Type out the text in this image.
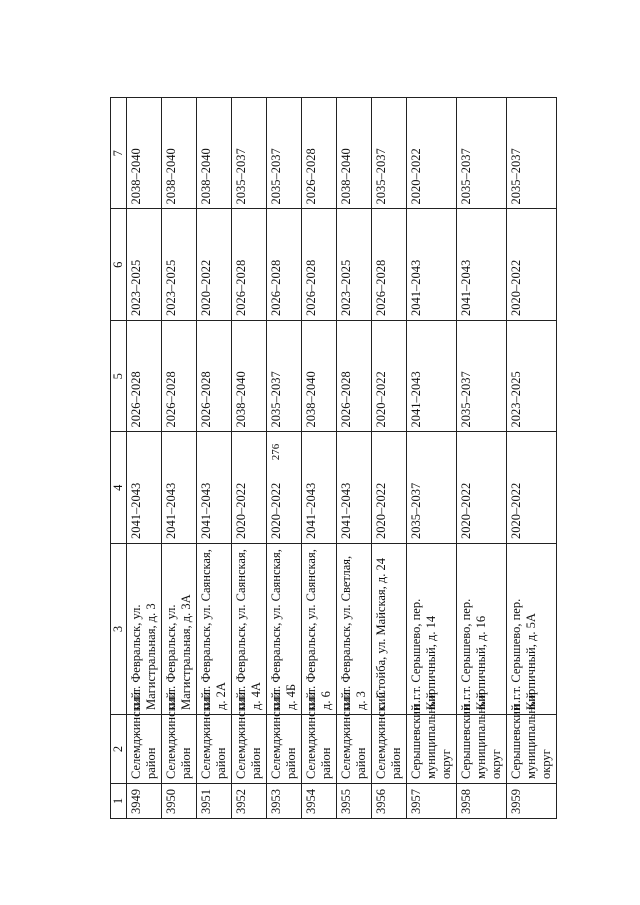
276
1	2	3	4	5	6	7
3949	Селемджинский район	п.г.т. Февральск, ул. Магистральная, д. 3	2041–2043	2026–2028	2023–2025	2038–2040
3950	Селемджинский район	п.г.т. Февральск, ул. Магистральная, д. 3А	2041–2043	2026–2028	2023–2025	2038–2040
3951	Селемджинский район	п.г.т. Февральск, ул. Саянская, д. 2А	2041–2043	2026–2028	2020–2022	2038–2040
3952	Селемджинский район	п.г.т. Февральск, ул. Саянская, д. 4А	2020–2022	2038–2040	2026–2028	2035–2037
3953	Селемджинский район	п.г.т. Февральск, ул. Саянская, д. 4Б	2020–2022	2035–2037	2026–2028	2035–2037
3954	Селемджинский район	п.г.т. Февральск, ул. Саянская, д. 6	2041–2043	2038–2040	2026–2028	2026–2028
3955	Селемджинский район	п.г.т. Февральск, ул. Светлая, д. 3	2041–2043	2026–2028	2023–2025	2038–2040
3956	Селемджинский район	с. Стойба, ул. Майская, д. 24	2020–2022	2020–2022	2026–2028	2035–2037
3957	Серышевский муниципальный округ	п.г.т. Серышево, пер. Кирпичный, д. 14	2035–2037	2041–2043	2041–2043	2020–2022
3958	Серышевский муниципальный округ	п.г.т. Серышево, пер. Кирпичный, д. 16	2020–2022	2035–2037	2041–2043	2035–2037
3959	Серышевский муниципальный округ	п.г.т. Серышево, пер. Кирпичный, д. 5А	2020–2022	2023–2025	2020–2022	2035–2037
